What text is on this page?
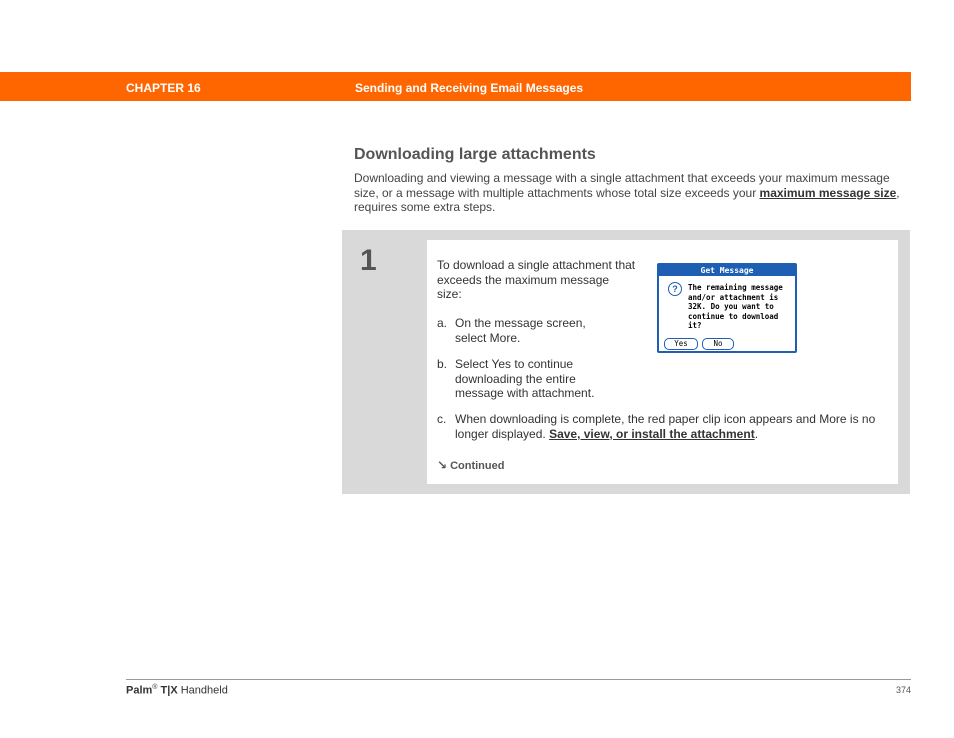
CHAPTER 16	Sending and Receiving Email Messages
Downloading large attachments
Downloading and viewing a message with a single attachment that exceeds your maximum message size, or a message with multiple attachments whose total size exceeds your maximum message size, requires some extra steps.
1	To download a single attachment that exceeds the maximum message size:
a. On the message screen, select More.
b. Select Yes to continue downloading the entire message with attachment.
c. When downloading is complete, the red paper clip icon appears and More is no longer displayed. Save, view, or install the attachment.
↘ Continued
Get Message
?	The remaining message and/or attachment is 32K. Do you want to continue to download it?
Yes	No
Palm® T|X Handheld	374
